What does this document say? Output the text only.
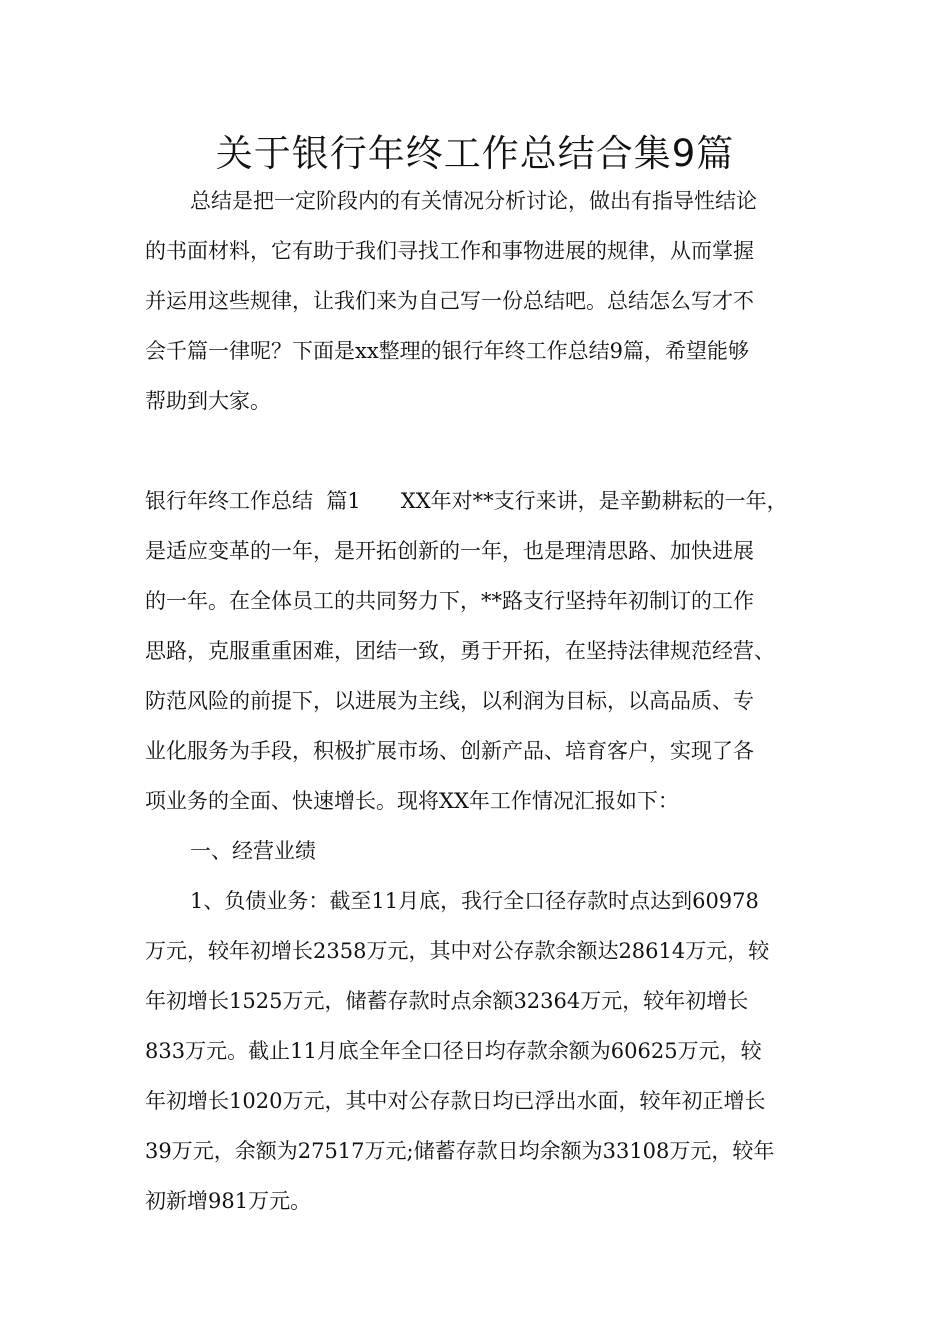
关于银行年终工作总结合集9篇
总结是把一定阶段内的有关情况分析讨论，做出有指导性结论
的书面材料，它有助于我们寻找工作和事物进展的规律，从而掌握
并运用这些规律，让我们来为自己写一份总结吧。总结怎么写才不
会千篇一律呢？下面是xx整理的银行年终工作总结9篇，希望能够
帮助到大家。
银行年终工作总结  篇1      XX年对**支行来讲，是辛勤耕耘的一年，
是适应变革的一年，是开拓创新的一年，也是理清思路、加快进展
的一年。在全体员工的共同努力下，**路支行坚持年初制订的工作
思路，克服重重困难，团结一致，勇于开拓，在坚持法律规范经营、
防范风险的前提下，以进展为主线，以利润为目标，以高品质、专
业化服务为手段，积极扩展市场、创新产品、培育客户，实现了各
项业务的全面、快速增长。现将XX年工作情况汇报如下：
一、经营业绩
1、负债业务：截至11月底，我行全口径存款时点达到60978
万元，较年初增长2358万元，其中对公存款余额达28614万元，较
年初增长1525万元，储蓄存款时点余额32364万元，较年初增长
833万元。截止11月底全年全口径日均存款余额为60625万元，较
年初增长1020万元，其中对公存款日均已浮出水面，较年初正增长
39万元，余额为27517万元;储蓄存款日均余额为33108万元，较年
初新增981万元。
